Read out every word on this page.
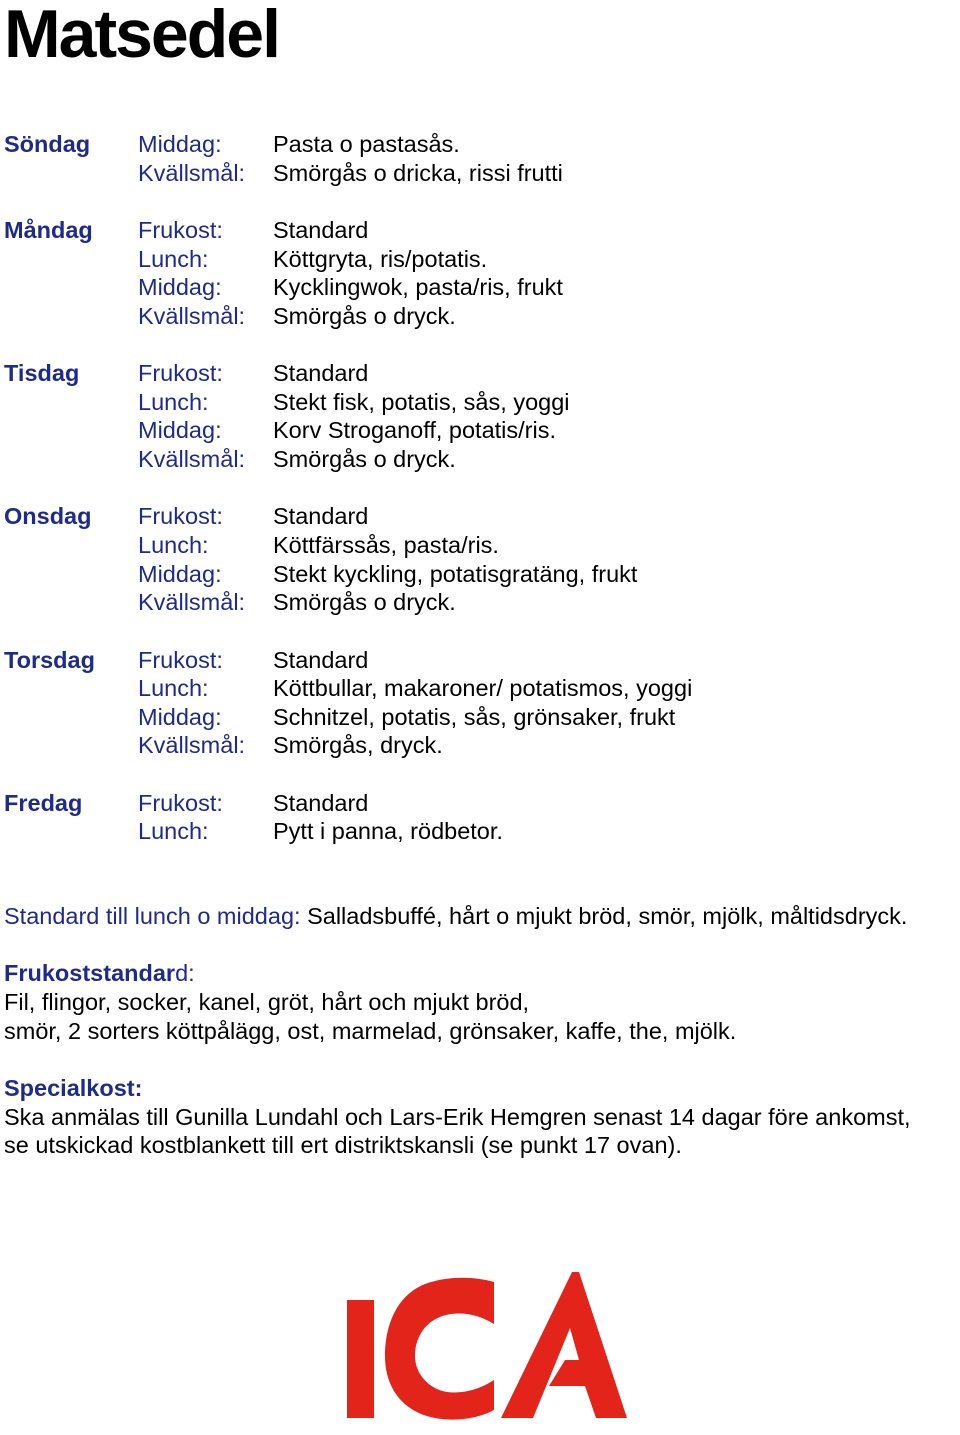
Matsedel
Söndag Middag: Pasta o pastasås.
Kvällsmål: Smörgås o dricka, rissi frutti
Måndag Frukost: Standard
Lunch:	Köttgryta, ris/potatis.
Middag: Kycklingwok, pasta/ris, frukt
Kvällsmål: Smörgås o dryck.
Tisdag Frukost: Standard
Lunch:	Stekt fisk, potatis, sås, yoggi
Middag: Korv Stroganoff, potatis/ris.
Kvällsmål: Smörgås o dryck.
Onsdag Frukost: Standard
Lunch:	Köttfärssås, pasta/ris.
Middag: Stekt kyckling, potatisgratäng, frukt
Kvällsmål: Smörgås o dryck.
Torsdag Frukost: Standard
Lunch:	Köttbullar, makaroner/ potatismos, yoggi
Middag: Schnitzel, potatis, sås, grönsaker, frukt
Kvällsmål: Smörgås, dryck.
Fredag Frukost: Standard
Lunch:	Pytt i panna, rödbetor.

Standard till lunch o middag: Salladsbuffé, hårt o mjukt bröd, smör, mjölk, måltidsdryck.

Frukoststandard:

Fil, flingor, socker, kanel, gröt, hårt och mjukt bröd,

smör, 2 sorters köttpålägg, ost, marmelad, grönsaker, kaffe, the, mjölk.

Specialkost:

Ska anmälas till Gunilla Lundahl och Lars-Erik Hemgren senast 14 dagar före ankomst,

se utskickad kostblankett till ert distriktskansli (se punkt 17 ovan).
